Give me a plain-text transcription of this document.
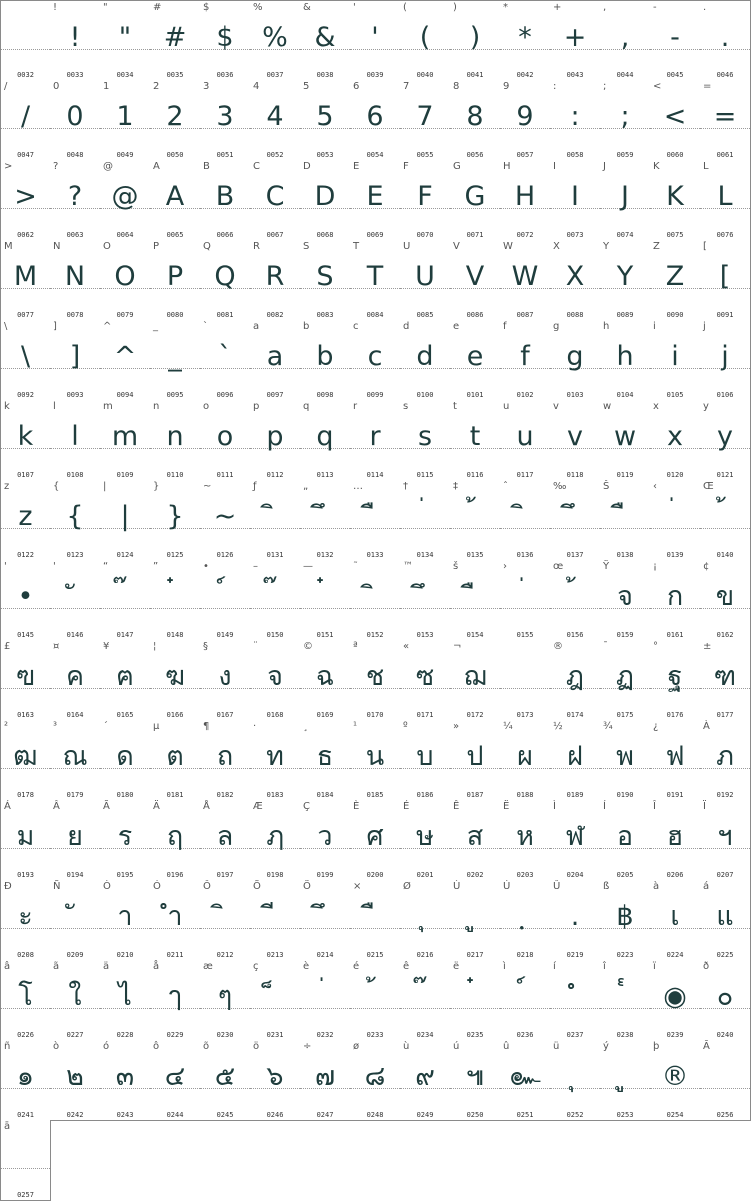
0032
!
!
0033
"
"
0034
#
#
0035
$
$
0036
%
%
0037
&
&
0038
'
'
0039
(
(
0040
)
)
0041
*
*
0042
+
+
0043
,
,
0044
-
-
0045
.
.
0046
/
/
0047
0
0
0048
1
1
0049
2
2
0050
3
3
0051
4
4
0052
5
5
0053
6
6
0054
7
7
0055
8
8
0056
9
9
0057
:
:
0058
;
;
0059
<
<
0060
=
=
0061
>
>
0062
?
?
0063
@
@
0064
A
A
0065
B
B
0066
C
C
0067
D
D
0068
E
E
0069
F
F
0070
G
G
0071
H
H
0072
I
I
0073
J
J
0074
K
K
0075
L
L
0076
M
M
0077
N
N
0078
O
O
0079
P
P
0080
Q
Q
0081
R
R
0082
S
S
0083
T
T
0084
U
U
0085
V
V
0086
W
W
0087
X
X
0088
Y
Y
0089
Z
Z
0090
[
[
0091
\
\
0092
]
]
0093
^
^
0094
_
_
0095
`
`
0096
a
a
0097
b
b
0098
c
c
0099
d
d
0100
e
e
0101
f
f
0102
g
g
0103
h
h
0104
i
i
0105
j
j
0106
k
k
0107
l
l
0108
m
m
0109
n
n
0110
o
o
0111
p
p
0112
q
q
0113
r
r
0114
s
s
0115
t
t
0116
u
u
0117
v
v
0118
w
w
0119
x
x
0120
y
y
0121
z
z
0122
{
{
0123
|
|
0124
}
}
0125
~
~
0126
ƒ
0131
„
0132
…
0133
†
0134
‡
0135
ˆ
0136
‰
0137
Š
0138
‹
0139
Œ
0140
'
•
0145
'
0146
“
0147
”
0148
•
0149
–
0150
—
0151
˜
0152
™
0153
š
0154
›
0155
œ
0156
Ÿ
จ
0159
¡
ก
0161
¢
ข
0162
£
ฃ
0163
¤
ค
0164
¥
ฅ
0165
¦
ฆ
0166
§
ง
0167
¨
จ
0168
©
ฉ
0169
ª
ช
0170
«
ซ
0171
¬
ฌ
0172	0173
®
ฎ
0174
¯
ฏ
0175
°
ฐ
0176
±
ฑ
0177
²
ฒ
0178
³
ณ
0179
´
ด
0180
µ
ต
0181
¶
ถ
0182
·
ท
0183
¸
ธ
0184
¹
น
0185
º
บ
0186
»
ป
0187
¼
ผ
0188
½
ฝ
0189
¾
พ
0190
¿
ฟ
0191
À
ภ
0192
Á
ม
0193
Â
ย
0194
Ã
ร
0195
Ä
ฤ
0196
Å
ล
0197
Æ
ฦ
0198
Ç
ว
0199
È
ศ
0200
É
ษ
0201
Ê
ส
0202
Ë
ห
0203
Ì
ฬ
0204
Í
อ
0205
Î
ฮ
0206
Ï
ฯ
0207
Ð
ะ
0208
Ñ
0209
Ò
า
0210
Ó
ำ
0211
Ô
0212
Õ
0213
Ö
0214
×
0215
Ø
0216
Ù
0217
Ú
0218
Û
.
0219
ß
฿
0223
à
เ
0224
á
แ
0225
â
โ
0226
ã
ใ
0227
ä
ไ
0228
å
ๅ
0229
æ
ๆ
0230
ç
0231
è
0232
é
0233
ê
0234
ë
0235
ì
0236
í
0237
î
0238
ï
◉
0239
ð
๐
0240
ñ
๑
0241
ò
๒
0242
ó
๓
0243
ô
๔
0244
õ
๕
0245
ö
๖
0246
÷
๗
0247
ø
๘
0248
ù
๙
0249
ú
๚
0250
û
๛
0251
ü
0252
ý
0253
þ
®
0254
Ā
0256
ā
0257
